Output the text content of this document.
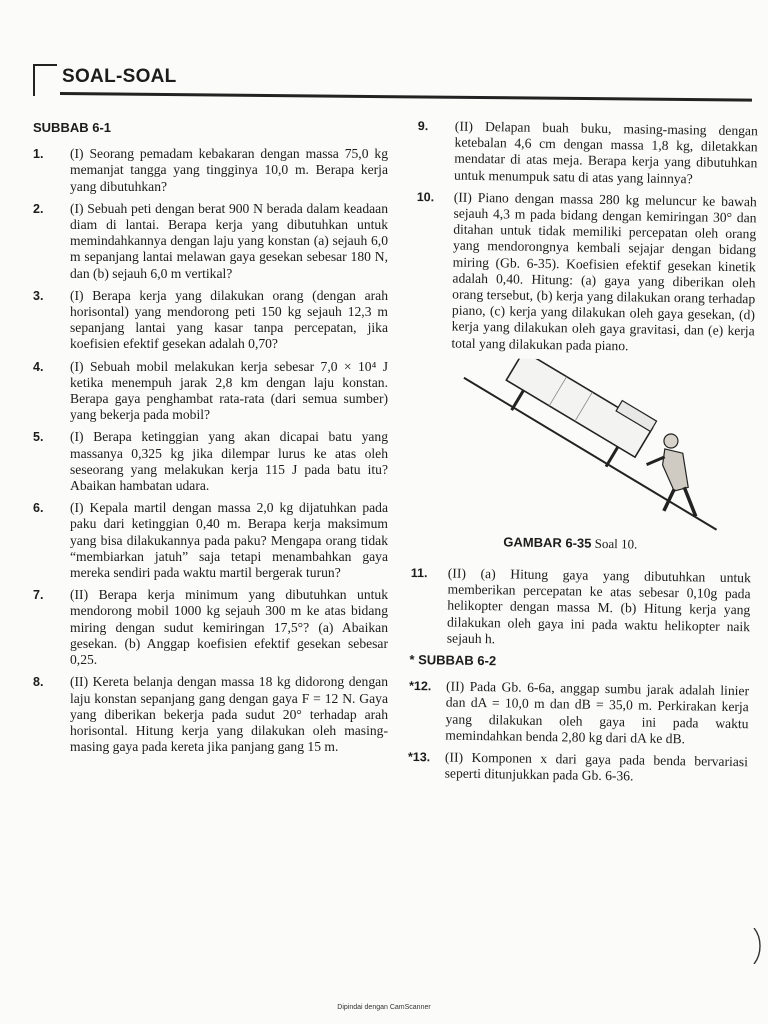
SOAL-SOAL
SUBBAB 6-1
1.	(I) Seorang pemadam kebakaran dengan massa 75,0 kg memanjat tangga yang tingginya 10,0 m. Berapa kerja yang dibutuhkan?
2.	(I) Sebuah peti dengan berat 900 N berada dalam keadaan diam di lantai. Berapa kerja yang dibutuhkan untuk memindahkannya dengan laju yang konstan (a) sejauh 6,0 m sepanjang lantai melawan gaya gesekan sebesar 180 N, dan (b) sejauh 6,0 m vertikal?
3.	(I) Berapa kerja yang dilakukan orang (dengan arah horisontal) yang mendorong peti 150 kg sejauh 12,3 m sepanjang lantai yang kasar tanpa percepatan, jika koefisien efektif gesekan adalah 0,70?
4.	(I) Sebuah mobil melakukan kerja sebesar 7,0 × 10⁴ J ketika menempuh jarak 2,8 km dengan laju konstan. Berapa gaya penghambat rata-rata (dari semua sumber) yang bekerja pada mobil?
5.	(I) Berapa ketinggian yang akan dicapai batu yang massanya 0,325 kg jika dilempar lurus ke atas oleh seseorang yang melakukan kerja 115 J pada batu itu? Abaikan hambatan udara.
6.	(I) Kepala martil dengan massa 2,0 kg dijatuhkan pada paku dari ketinggian 0,40 m. Berapa kerja maksimum yang bisa dilakukannya pada paku? Mengapa orang tidak “membiarkan jatuh” saja tetapi menambahkan gaya mereka sendiri pada waktu martil bergerak turun?
7.	(II) Berapa kerja minimum yang dibutuhkan untuk mendorong mobil 1000 kg sejauh 300 m ke atas bidang miring dengan sudut kemiringan 17,5°? (a) Abaikan gesekan. (b) Anggap koefisien efektif gesekan sebesar 0,25.
8.	(II) Kereta belanja dengan massa 18 kg didorong dengan laju konstan sepanjang gang dengan gaya F = 12 N. Gaya yang diberikan bekerja pada sudut 20° terhadap arah horisontal. Hitung kerja yang dilakukan oleh masing-masing gaya pada kereta jika panjang gang 15 m.
9.	(II) Delapan buah buku, masing-masing dengan ketebalan 4,6 cm dengan massa 1,8 kg, diletakkan mendatar di atas meja. Berapa kerja yang dibutuhkan untuk menumpuk satu di atas yang lainnya?
10.	(II) Piano dengan massa 280 kg meluncur ke bawah sejauh 4,3 m pada bidang dengan kemiringan 30° dan ditahan untuk tidak memiliki percepatan oleh orang yang mendorongnya kembali sejajar dengan bidang miring (Gb. 6-35). Koefisien efektif gesekan kinetik adalah 0,40. Hitung: (a) gaya yang diberikan oleh orang tersebut, (b) kerja yang dilakukan orang terhadap piano, (c) kerja yang dilakukan oleh gaya gesekan, (d) kerja yang dilakukan oleh gaya gravitasi, dan (e) kerja total yang dilakukan pada piano.
GAMBAR 6-35 Soal 10.
11.	(II) (a) Hitung gaya yang dibutuhkan untuk memberikan percepatan ke atas sebesar 0,10g pada helikopter dengan massa M. (b) Hitung kerja yang dilakukan oleh gaya ini pada waktu helikopter naik sejauh h.
* SUBBAB 6-2
*12.	(II) Pada Gb. 6-6a, anggap sumbu jarak adalah linier dan dA = 10,0 m dan dB = 35,0 m. Perkirakan kerja yang dilakukan oleh gaya ini pada waktu memindahkan benda 2,80 kg dari dA ke dB.
*13.	(II) Komponen x dari gaya pada benda bervariasi seperti ditunjukkan pada Gb. 6-36.
Dipindai dengan CamScanner
